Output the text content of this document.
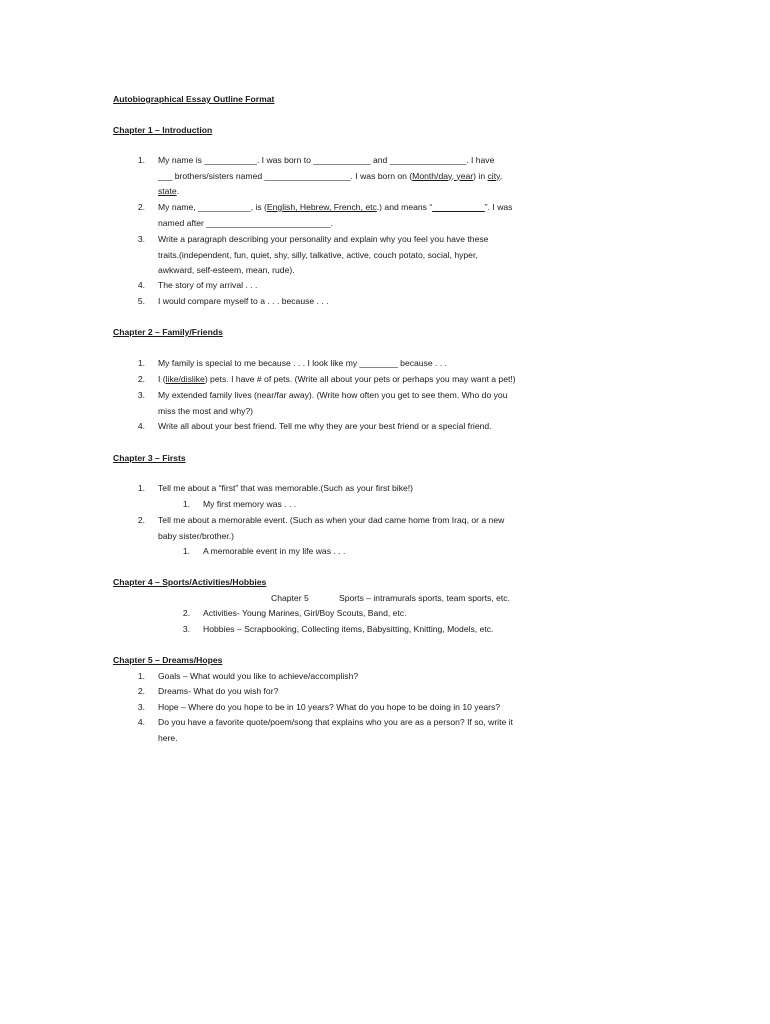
Autobiographical Essay Outline Format
Chapter 1 – Introduction
1. My name is ___________. I was born to ____________ and ________________. I have
___ brothers/sisters named __________________. I was born on (Month/day, year) in city,
state.
2. My name, ___________, is (English, Hebrew, French, etc.) and means “___________”. I was
named after __________________________.
3. Write a paragraph describing your personality and explain why you feel you have these
traits.(independent, fun, quiet, shy, silly, talkative, active, couch potato, social, hyper,
awkward, self-esteem, mean, rude).
4. The story of my arrival . . .
5. I would compare myself to a . . . because . . .
Chapter 2 – Family/Friends
1. My family is special to me because . . . I look like my ________ because . . .
2. I (like/dislike) pets. I have # of pets. (Write all about your pets or perhaps you may want a pet!)
3. My extended family lives (near/far away). (Write how often you get to see them. Who do you
miss the most and why?)
4. Write all about your best friend. Tell me why they are your best friend or a special friend.
Chapter 3 – Firsts
1. Tell me about a “first” that was memorable.(Such as your first bike!)
1. My first memory was . . .
2. Tell me about a memorable event. (Such as when your dad came home from Iraq, or a new
baby sister/brother.)
1. A memorable event in my life was . . .
Chapter 4 – Sports/Activities/Hobbies
Chapter 5	Sports – intramurals sports, team sports, etc.
2. Activities- Young Marines, Girl/Boy Scouts, Band, etc.
3. Hobbies – Scrapbooking, Collecting items, Babysitting, Knitting, Models, etc.
Chapter 5 – Dreams/Hopes
1. Goals – What would you like to achieve/accomplish?
2. Dreams- What do you wish for?
3. Hope – Where do you hope to be in 10 years? What do you hope to be doing in 10 years?
4. Do you have a favorite quote/poem/song that explains who you are as a person? If so, write it
here.
